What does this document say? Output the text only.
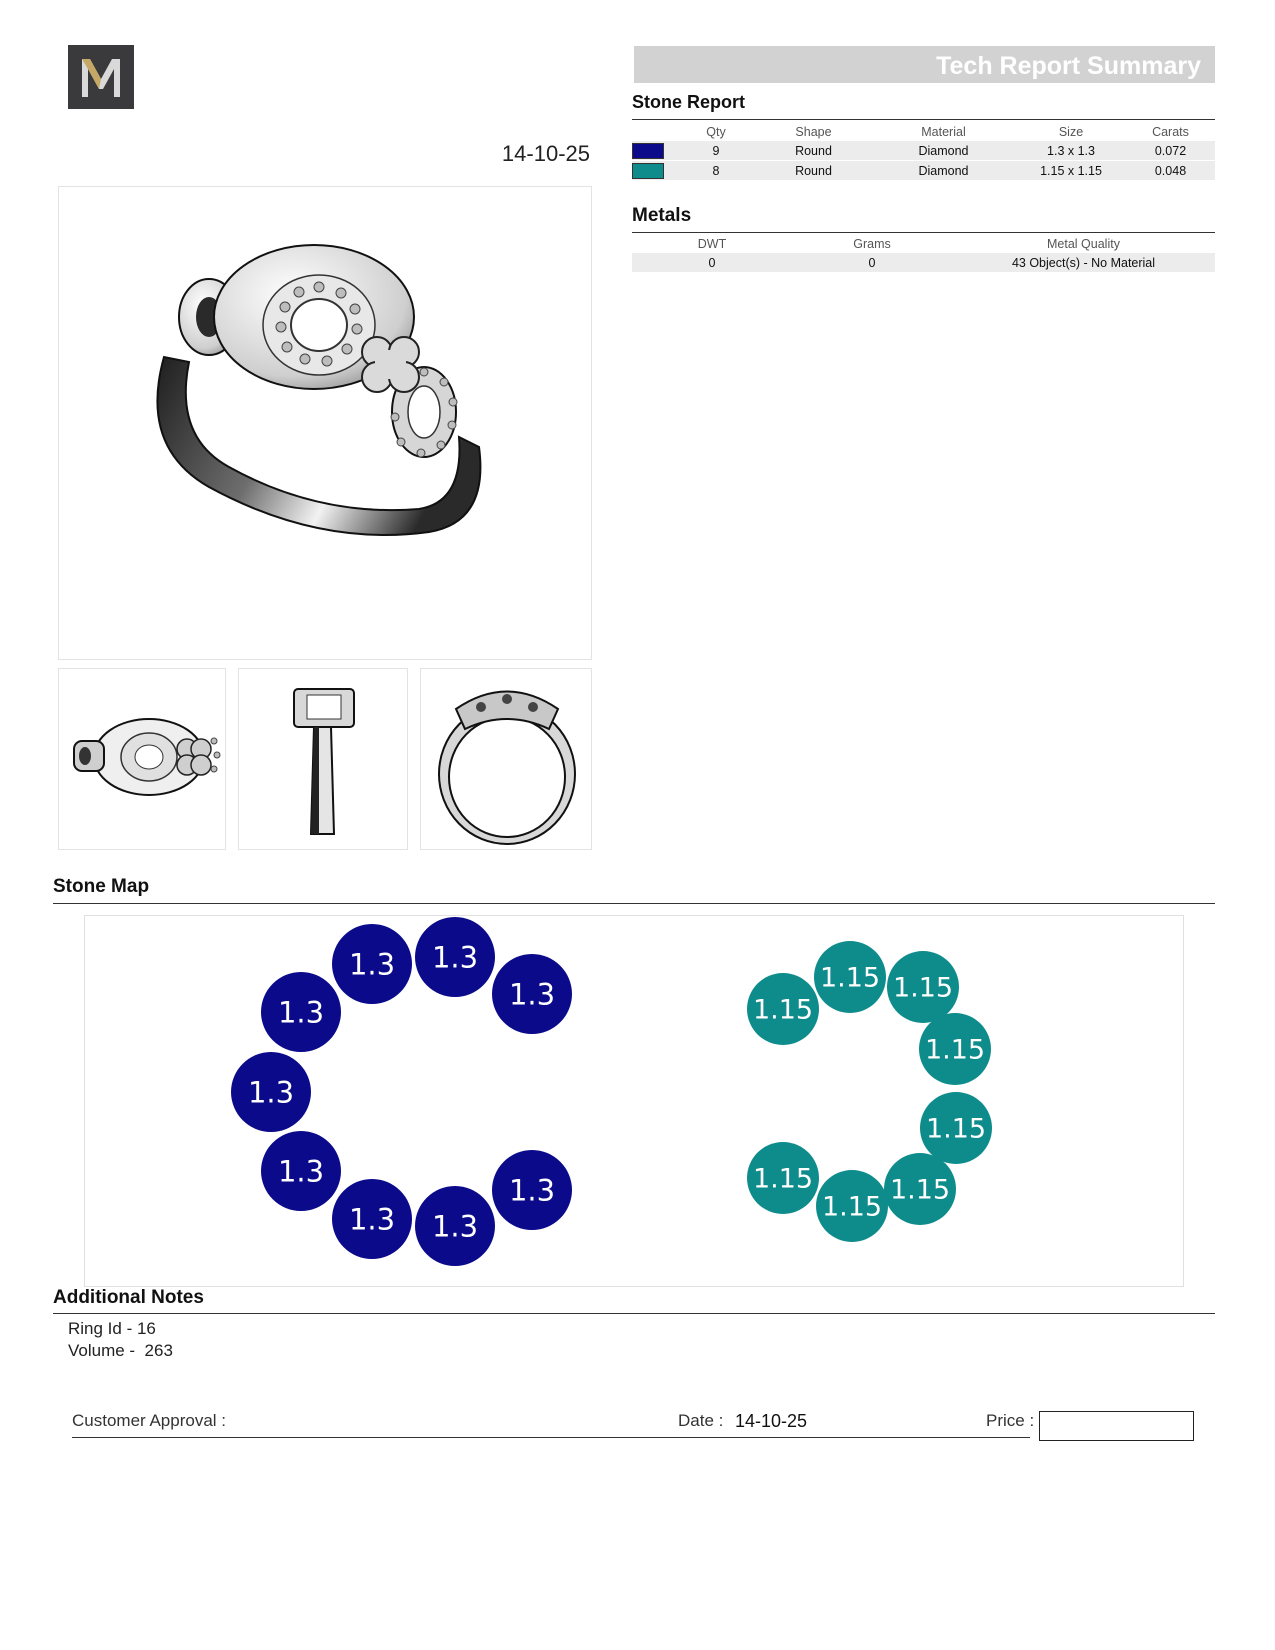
Tech Report Summary
14-10-25
Stone Report
	Qty	Shape	Material	Size	Carats

	9	Round	Diamond	1.3 x 1.3	0.072

	8	Round	Diamond	1.15 x 1.15	0.048
Metals
DWT	Grams	Metal Quality
0	0	43 Object(s) - No Material
Stone Map
1.3 1.3
1.3
1.3
1.3
1.3
1.3 1.3
1.3
1.15
1.15
1.15
1.15
1.15
1.15
1.15
1.15
Additional Notes
Ring Id - 16
Volume -  263
Customer Approval :	Date : 14-10-25	Price :
